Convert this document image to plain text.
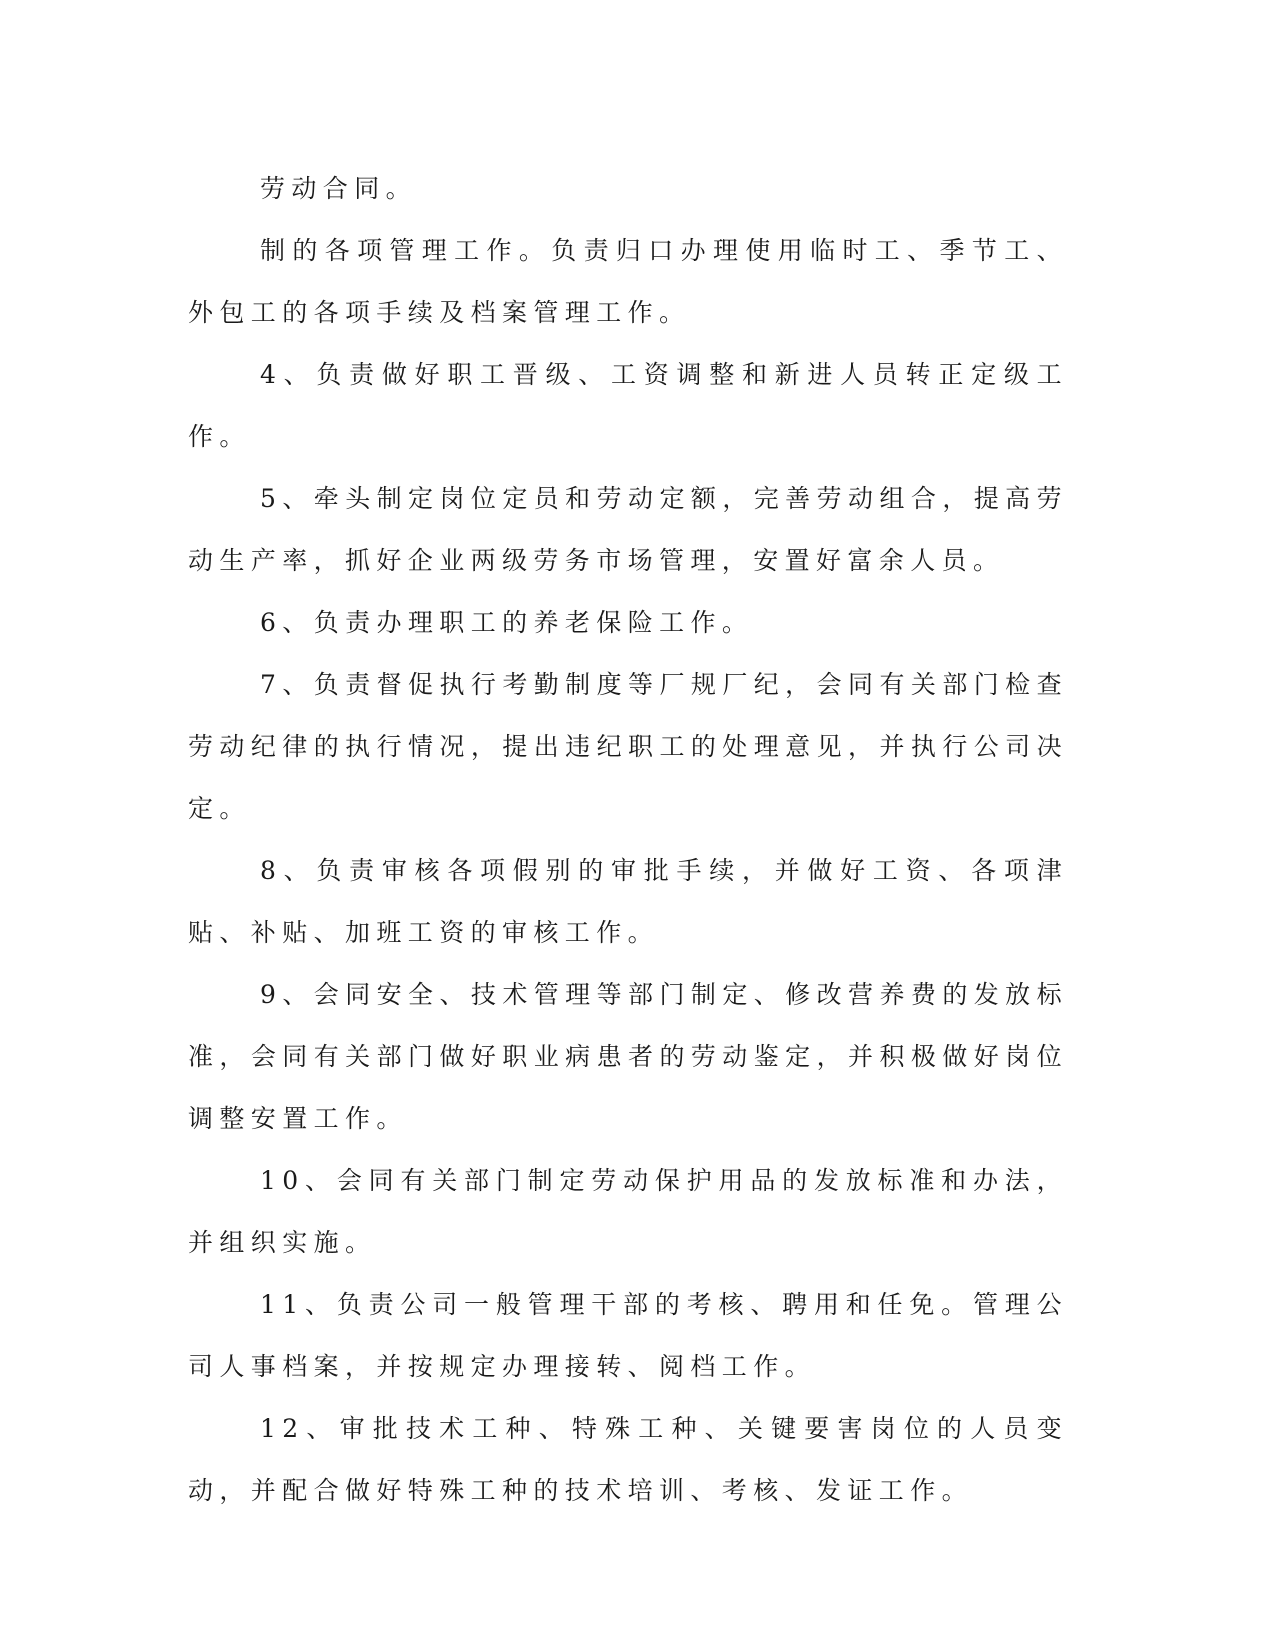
劳动合同。

制的各项管理工作。负责归口办理使用临时工、季节工、外包工的各项手续及档案管理工作。

4、负责做好职工晋级、工资调整和新进人员转正定级工作。

5、牵头制定岗位定员和劳动定额，完善劳动组合，提高劳动生产率，抓好企业两级劳务市场管理，安置好富余人员。

6、负责办理职工的养老保险工作。

7、负责督促执行考勤制度等厂规厂纪，会同有关部门检查劳动纪律的执行情况，提出违纪职工的处理意见，并执行公司决定。

8、负责审核各项假别的审批手续，并做好工资、各项津贴、补贴、加班工资的审核工作。

9、会同安全、技术管理等部门制定、修改营养费的发放标准，会同有关部门做好职业病患者的劳动鉴定，并积极做好岗位调整安置工作。

10、会同有关部门制定劳动保护用品的发放标准和办法，并组织实施。

11、负责公司一般管理干部的考核、聘用和任免。管理公司人事档案，并按规定办理接转、阅档工作。

12、审批技术工种、特殊工种、关键要害岗位的人员变动，并配合做好特殊工种的技术培训、考核、发证工作。
